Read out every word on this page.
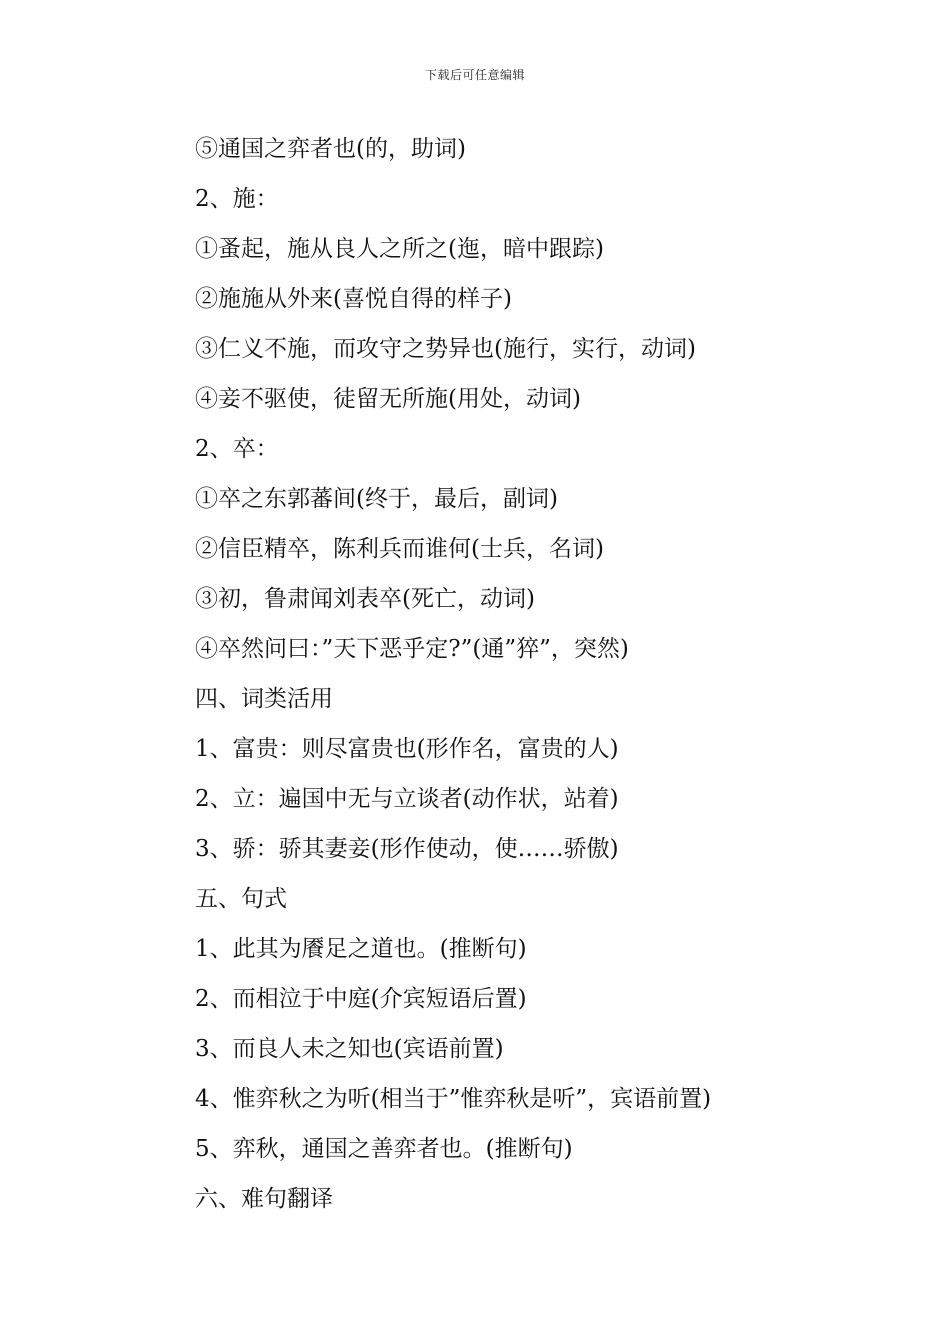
下载后可任意编辑
⑤通国之弈者也(的，助词)
2、施：
①蚤起，施从良人之所之(迤，暗中跟踪)
②施施从外来(喜悦自得的样子)
③仁义不施，而攻守之势异也(施行，实行，动词)
④妾不驱使，徒留无所施(用处，动词)
2、卒：
①卒之东郭蕃间(终于，最后，副词)
②信臣精卒，陈利兵而谁何(士兵，名词)
③初，鲁肃闻刘表卒(死亡，动词)
④卒然问曰：”天下恶乎定?”(通”猝”，突然)
四、词类活用
1、富贵：则尽富贵也(形作名，富贵的人)
2、立：遍国中无与立谈者(动作状，站着)
3、骄：骄其妻妾(形作使动，使……骄傲)
五、句式
1、此其为餍足之道也。(推断句)
2、而相泣于中庭(介宾短语后置)
3、而良人未之知也(宾语前置)
4、惟弈秋之为听(相当于”惟弈秋是听”，宾语前置)
5、弈秋，通国之善弈者也。(推断句)
六、难句翻译
